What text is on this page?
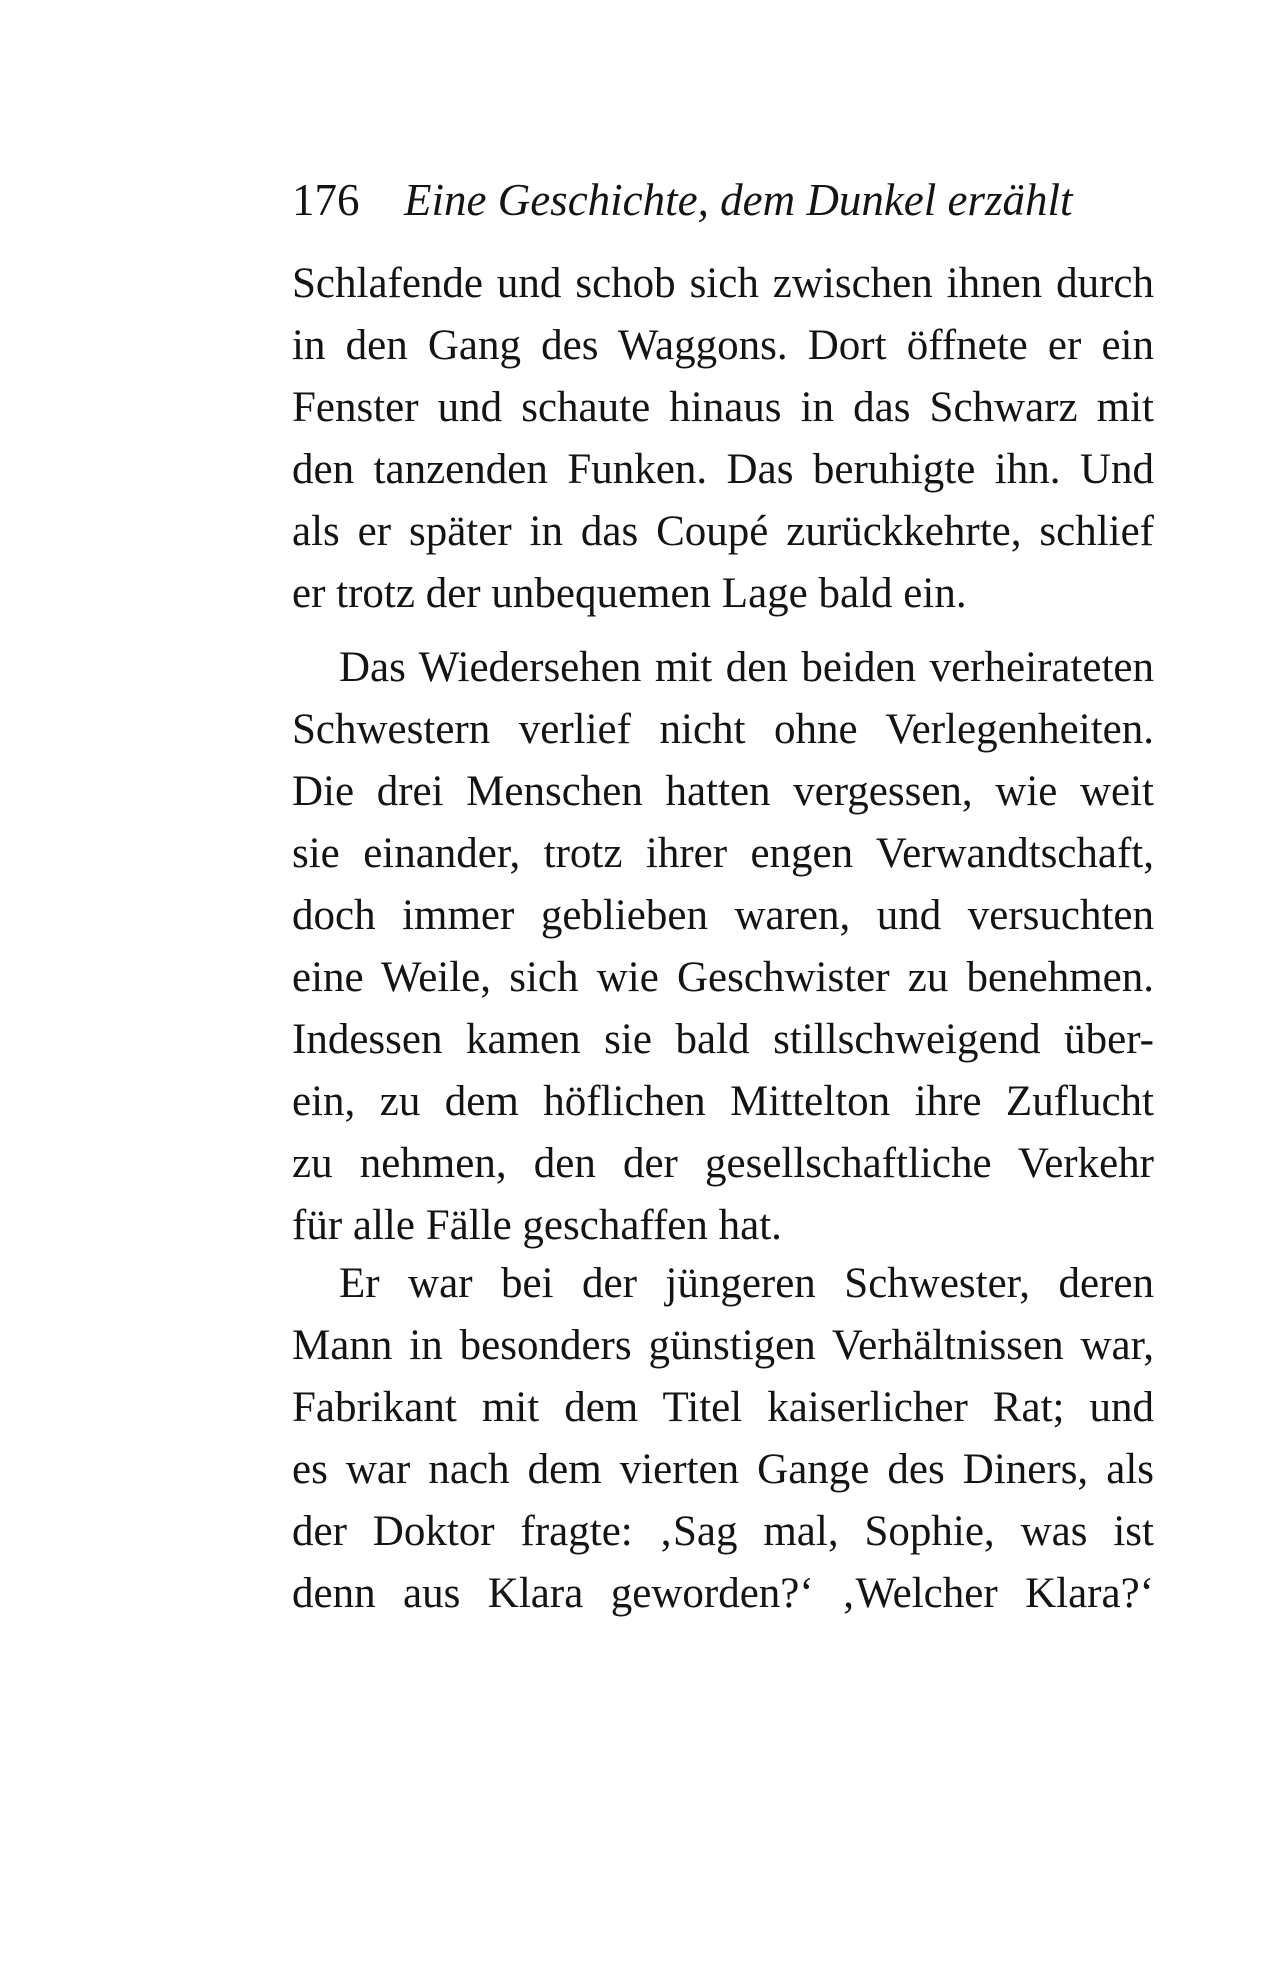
176 Eine Geschichte, dem Dunkel erzählt
Schlafende und schob sich zwischen ihnen durch
in den Gang des Waggons. Dort öffnete er ein
Fenster und schaute hinaus in das Schwarz mit
den tanzenden Funken. Das beruhigte ihn. Und
als er später in das Coupé zurückkehrte, schlief
er trotz der unbequemen Lage bald ein.
Das Wiedersehen mit den beiden verheirateten
Schwestern verlief nicht ohne Verlegenheiten.
Die drei Menschen hatten vergessen, wie weit
sie einander, trotz ihrer engen Verwandtschaft,
doch immer geblieben waren, und versuchten
eine Weile, sich wie Geschwister zu benehmen.
Indessen kamen sie bald stillschweigend über-
ein, zu dem höflichen Mittelton ihre Zuflucht
zu nehmen, den der gesellschaftliche Verkehr
für alle Fälle geschaffen hat.
Er war bei der jüngeren Schwester, deren
Mann in besonders günstigen Verhältnissen war,
Fabrikant mit dem Titel kaiserlicher Rat; und
es war nach dem vierten Gange des Diners, als
der Doktor fragte: ‚Sag mal, Sophie, was ist
denn aus Klara geworden?‘ ‚Welcher Klara?‘
